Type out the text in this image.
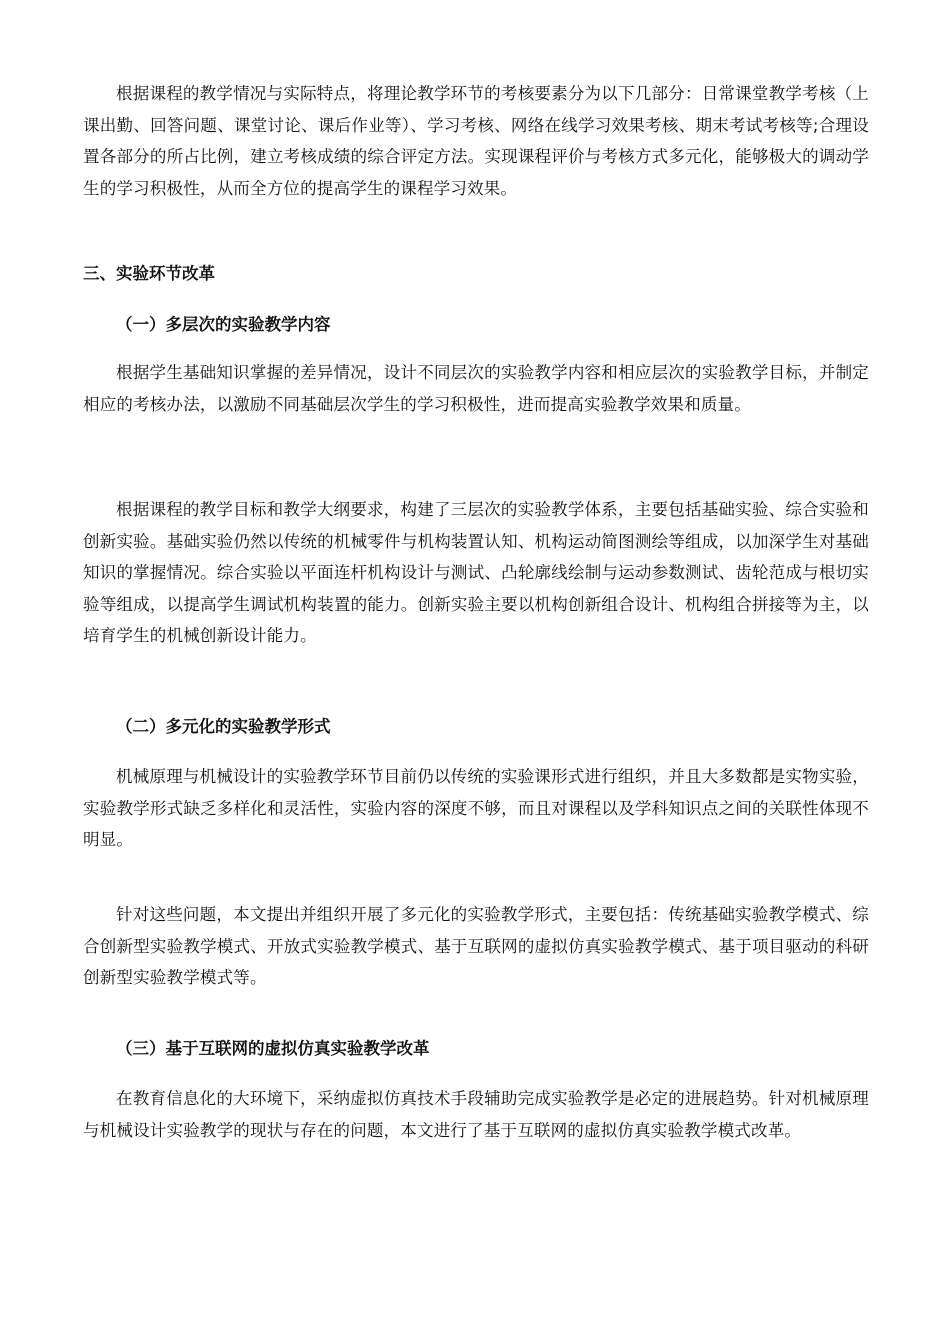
根据课程的教学情况与实际特点，将理论教学环节的考核要素分为以下几部分：日常课堂教学考核（上课出勤、回答问题、课堂讨论、课后作业等）、学习考核、网络在线学习效果考核、期末考试考核等;合理设置各部分的所占比例，建立考核成绩的综合评定方法。实现课程评价与考核方式多元化，能够极大的调动学生的学习积极性，从而全方位的提高学生的课程学习效果。

三、实验环节改革
（一）多层次的实验教学内容

根据学生基础知识掌握的差异情况，设计不同层次的实验教学内容和相应层次的实验教学目标，并制定相应的考核办法，以激励不同基础层次学生的学习积极性，进而提高实验教学效果和质量。

根据课程的教学目标和教学大纲要求，构建了三层次的实验教学体系，主要包括基础实验、综合实验和创新实验。基础实验仍然以传统的机械零件与机构装置认知、机构运动简图测绘等组成，以加深学生对基础知识的掌握情况。综合实验以平面连杆机构设计与测试、凸轮廓线绘制与运动参数测试、齿轮范成与根切实验等组成，以提高学生调试机构装置的能力。创新实验主要以机构创新组合设计、机构组合拼接等为主，以培育学生的机械创新设计能力。

（二）多元化的实验教学形式

机械原理与机械设计的实验教学环节目前仍以传统的实验课形式进行组织，并且大多数都是实物实验，实验教学形式缺乏多样化和灵活性，实验内容的深度不够，而且对课程以及学科知识点之间的关联性体现不明显。

针对这些问题，本文提出并组织开展了多元化的实验教学形式，主要包括：传统基础实验教学模式、综合创新型实验教学模式、开放式实验教学模式、基于互联网的虚拟仿真实验教学模式、基于项目驱动的科研创新型实验教学模式等。

（三）基于互联网的虚拟仿真实验教学改革

在教育信息化的大环境下，采纳虚拟仿真技术手段辅助完成实验教学是必定的进展趋势。针对机械原理与机械设计实验教学的现状与存在的问题，本文进行了基于互联网的虚拟仿真实验教学模式改革。
